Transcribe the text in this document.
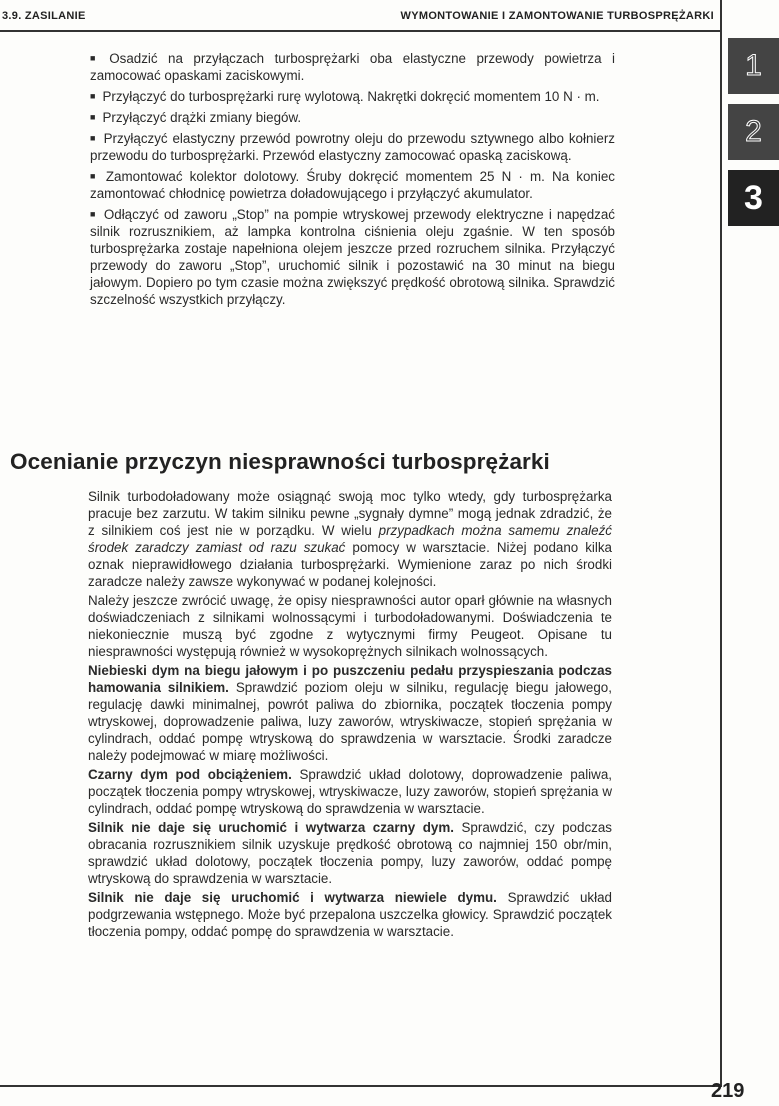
3.9. ZASILANIE	WYMONTOWANIE I ZAMONTOWANIE TURBOSPRĘŻARKI
1
2
3

■ Osadzić na przyłączach turbosprężarki oba elastyczne przewody powietrza i zamocować opaskami zaciskowymi.

■ Przyłączyć do turbosprężarki rurę wylotową. Nakrętki dokręcić momentem 10 N · m.

■ Przyłączyć drążki zmiany biegów.

■ Przyłączyć elastyczny przewód powrotny oleju do przewodu sztywnego albo kołnierz przewodu do turbosprężarki. Przewód elastyczny zamocować opaską zaciskową.

■ Zamontować kolektor dolotowy. Śruby dokręcić momentem 25 N · m. Na koniec zamontować chłodnicę powietrza doładowującego i przyłączyć akumulator.

■ Odłączyć od zaworu „Stop” na pompie wtryskowej przewody elektryczne i napędzać silnik rozrusznikiem, aż lampka kontrolna ciśnienia oleju zgaśnie. W ten sposób turbosprężarka zostaje napełniona olejem jeszcze przed rozruchem silnika. Przyłączyć przewody do zaworu „Stop”, uruchomić silnik i pozostawić na 30 minut na biegu jałowym. Dopiero po tym czasie można zwiększyć prędkość obrotową silnika. Sprawdzić szczelność wszystkich przyłączy.

Ocenianie przyczyn niesprawności turbosprężarki

Silnik turbodoładowany może osiągnąć swoją moc tylko wtedy, gdy turbosprężarka pracuje bez zarzutu. W takim silniku pewne „sygnały dymne” mogą jednak zdradzić, że z silnikiem coś jest nie w porządku. W wielu przypadkach można samemu znaleźć środek zaradczy zamiast od razu szukać pomocy w warsztacie. Niżej podano kilka oznak nieprawidłowego działania turbosprężarki. Wymienione zaraz po nich środki zaradcze należy zawsze wykonywać w podanej kolejności.

Należy jeszcze zwrócić uwagę, że opisy niesprawności autor oparł głównie na własnych doświadczeniach z silnikami wolnossącymi i turbodoładowanymi. Doświadczenia te niekoniecznie muszą być zgodne z wytycznymi firmy Peugeot. Opisane tu niesprawności występują również w wysokoprężnych silnikach wolnossących.

Niebieski dym na biegu jałowym i po puszczeniu pedału przyspieszania podczas hamowania silnikiem. Sprawdzić poziom oleju w silniku, regulację biegu jałowego, regulację dawki minimalnej, powrót paliwa do zbiornika, początek tłoczenia pompy wtryskowej, doprowadzenie paliwa, luzy zaworów, wtryskiwacze, stopień sprężania w cylindrach, oddać pompę wtryskową do sprawdzenia w warsztacie. Środki zaradcze należy podejmować w miarę możliwości.

Czarny dym pod obciążeniem. Sprawdzić układ dolotowy, doprowadzenie paliwa, początek tłoczenia pompy wtryskowej, wtryskiwacze, luzy zaworów, stopień sprężania w cylindrach, oddać pompę wtryskową do sprawdzenia w warsztacie.

Silnik nie daje się uruchomić i wytwarza czarny dym. Sprawdzić, czy podczas obracania rozrusznikiem silnik uzyskuje prędkość obrotową co najmniej 150 obr/min, sprawdzić układ dolotowy, początek tłoczenia pompy, luzy zaworów, oddać pompę wtryskową do sprawdzenia w warsztacie.

Silnik nie daje się uruchomić i wytwarza niewiele dymu. Sprawdzić układ podgrzewania wstępnego. Może być przepalona uszczelka głowicy. Sprawdzić początek tłoczenia pompy, oddać pompę do sprawdzenia w warsztacie.

219
